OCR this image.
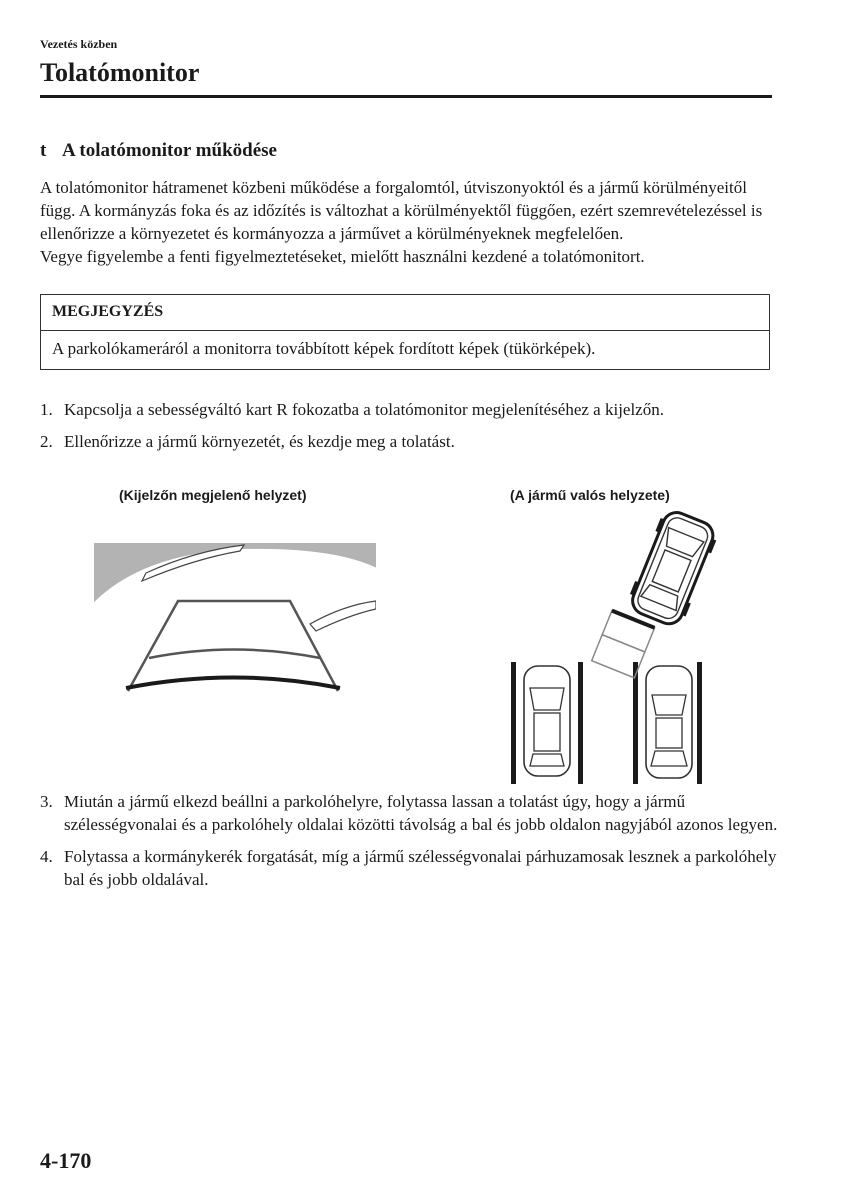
Vezetés közben
Tolatómonitor
t A tolatómonitor működése

A tolatómonitor hátramenet közbeni működése a forgalomtól, útviszonyoktól és a jármű körülményeitől függ. A kormányzás foka és az időzítés is változhat a körülményektől függően, ezért szemrevételezéssel is ellenőrizze a környezetet és kormányozza a járművet a körülményeknek megfelelően.

Vegye figyelembe a fenti figyelmeztetéseket, mielőtt használni kezdené a tolatómonitort.

MEGJEGYZÉS
A parkolókameráról a monitorra továbbított képek fordított képek (tükörképek).
1. Kapcsolja a sebességváltó kart R fokozatba a tolatómonitor megjelenítéséhez a kijelzőn.
2. Ellenőrizze a jármű környezetét, és kezdje meg a tolatást.
(Kijelzőn megjelenő helyzet)	(A jármű valós helyzete)
A biztonság érdekében ellenőrizze a környezetet
3. Miután a jármű elkezd beállni a parkolóhelyre, folytassa lassan a tolatást úgy, hogy a jármű szélességvonalai és a parkolóhely oldalai közötti távolság a bal és jobb oldalon nagyjából azonos legyen.
4. Folytassa a kormánykerék forgatását, míg a jármű szélességvonalai párhuzamosak lesznek a parkolóhely bal és jobb oldalával.
4-170
